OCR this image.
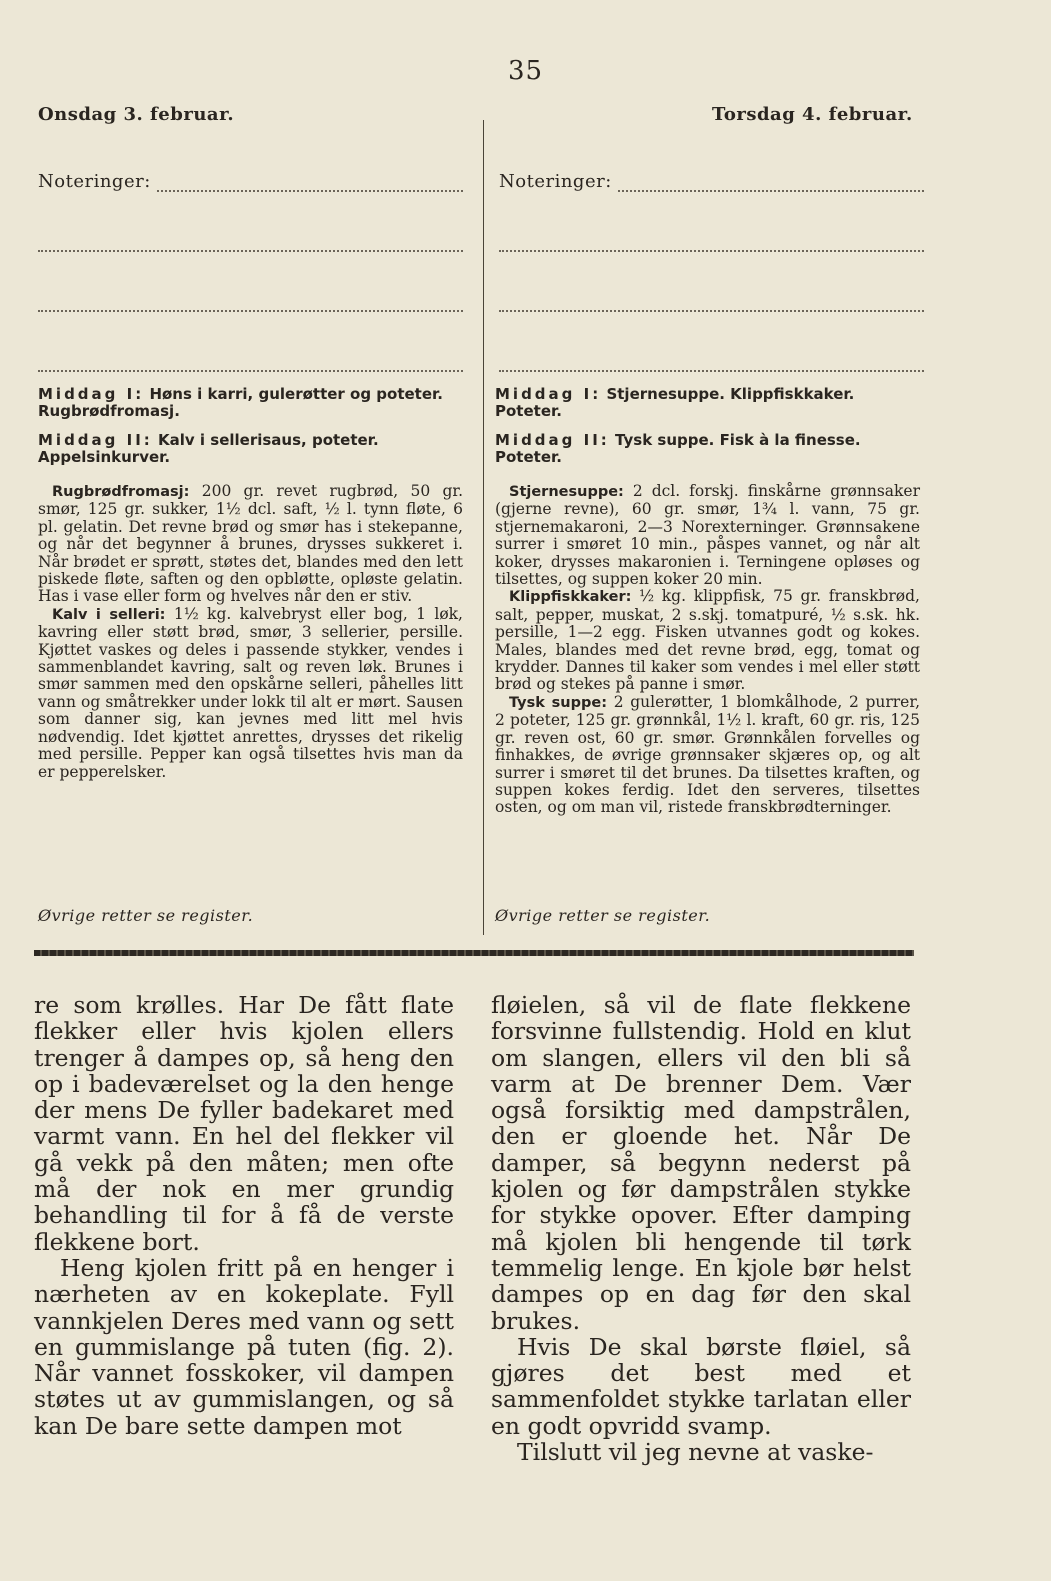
35
Onsdag 3. februar.	Torsdag 4. februar.
Noteringer:	Noteringer:

Middag I: Høns i karri, gulerøtter og poteter. Rugbrødfromasj.

Middag II: Kalv i sellerisaus, poteter. Appelsinkurver.

Middag I: Stjernesuppe. Klippfiskkaker. Poteter.

Middag II: Tysk suppe. Fisk à la finesse. Poteter.

Rugbrødfromasj: 200 gr. revet rugbrød, 50 gr. smør, 125 gr. sukker, 1½ dcl. saft, ½ l. tynn fløte, 6 pl. gelatin. Det revne brød og smør has i stekepanne, og når det begynner å brunes, drysses sukkeret i. Når brødet er sprøtt, støtes det, blandes med den lett piskede fløte, saften og den opbløtte, opløste gelatin. Has i vase eller form og hvelves når den er stiv.

Kalv i selleri: 1½ kg. kalvebryst eller bog, 1 løk, kavring eller støtt brød, smør, 3 sellerier, persille. Kjøttet vaskes og deles i passende stykker, vendes i sammenblandet kavring, salt og reven løk. Brunes i smør sammen med den opskårne selleri, påhelles litt vann og småtrekker under lokk til alt er mørt. Sausen som danner sig, kan jevnes med litt mel hvis nødvendig. Idet kjøttet anrettes, drysses det rikelig med persille. Pepper kan også tilsettes hvis man da er pepperelsker.

Stjernesuppe: 2 dcl. forskj. finskårne grønnsaker (gjerne revne), 60 gr. smør, 1¾ l. vann, 75 gr. stjernemakaroni, 2—3 Norexterninger. Grønnsakene surrer i smøret 10 min., påspes vannet, og når alt koker, drysses makaronien i. Terningene opløses og tilsettes, og suppen koker 20 min.

Klippfiskkaker: ½ kg. klippfisk, 75 gr. franskbrød, salt, pepper, muskat, 2 s.skj. tomatpuré, ½ s.sk. hk. persille, 1—2 egg. Fisken utvannes godt og kokes. Males, blandes med det revne brød, egg, tomat og krydder. Dannes til kaker som vendes i mel eller støtt brød og stekes på panne i smør.

Tysk suppe: 2 gulerøtter, 1 blomkålhode, 2 purrer, 2 poteter, 125 gr. grønnkål, 1½ l. kraft, 60 gr. ris, 125 gr. reven ost, 60 gr. smør. Grønnkålen forvelles og finhakkes, de øvrige grønnsaker skjæres op, og alt surrer i smøret til det brunes. Da tilsettes kraften, og suppen kokes ferdig. Idet den serveres, tilsettes osten, og om man vil, ristede franskbrødterninger.

Øvrige retter se register.	Øvrige retter se register.

re som krølles. Har De fått flate flekker eller hvis kjolen ellers trenger å dampes op, så heng den op i badeværelset og la den henge der mens De fyller badekaret med varmt vann. En hel del flekker vil gå vekk på den måten; men ofte må der nok en mer grundig behandling til for å få de verste flekkene bort.

Heng kjolen fritt på en henger i nærheten av en kokeplate. Fyll vannkjelen Deres med vann og sett en gummislange på tuten (fig. 2). Når vannet fosskoker, vil dampen støtes ut av gummislangen, og så kan De bare sette dampen mot

fløielen, så vil de flate flekkene forsvinne fullstendig. Hold en klut om slangen, ellers vil den bli så varm at De brenner Dem. Vær også forsiktig med dampstrålen, den er gloende het. Når De damper, så begynn nederst på kjolen og før dampstrålen stykke for stykke opover. Efter damping må kjolen bli hengende til tørk temmelig lenge. En kjole bør helst dampes op en dag før den skal brukes.

Hvis De skal børste fløiel, så gjøres det best med et sammenfoldet stykke tarlatan eller en godt opvridd svamp.

Tilslutt vil jeg nevne at vaske-
